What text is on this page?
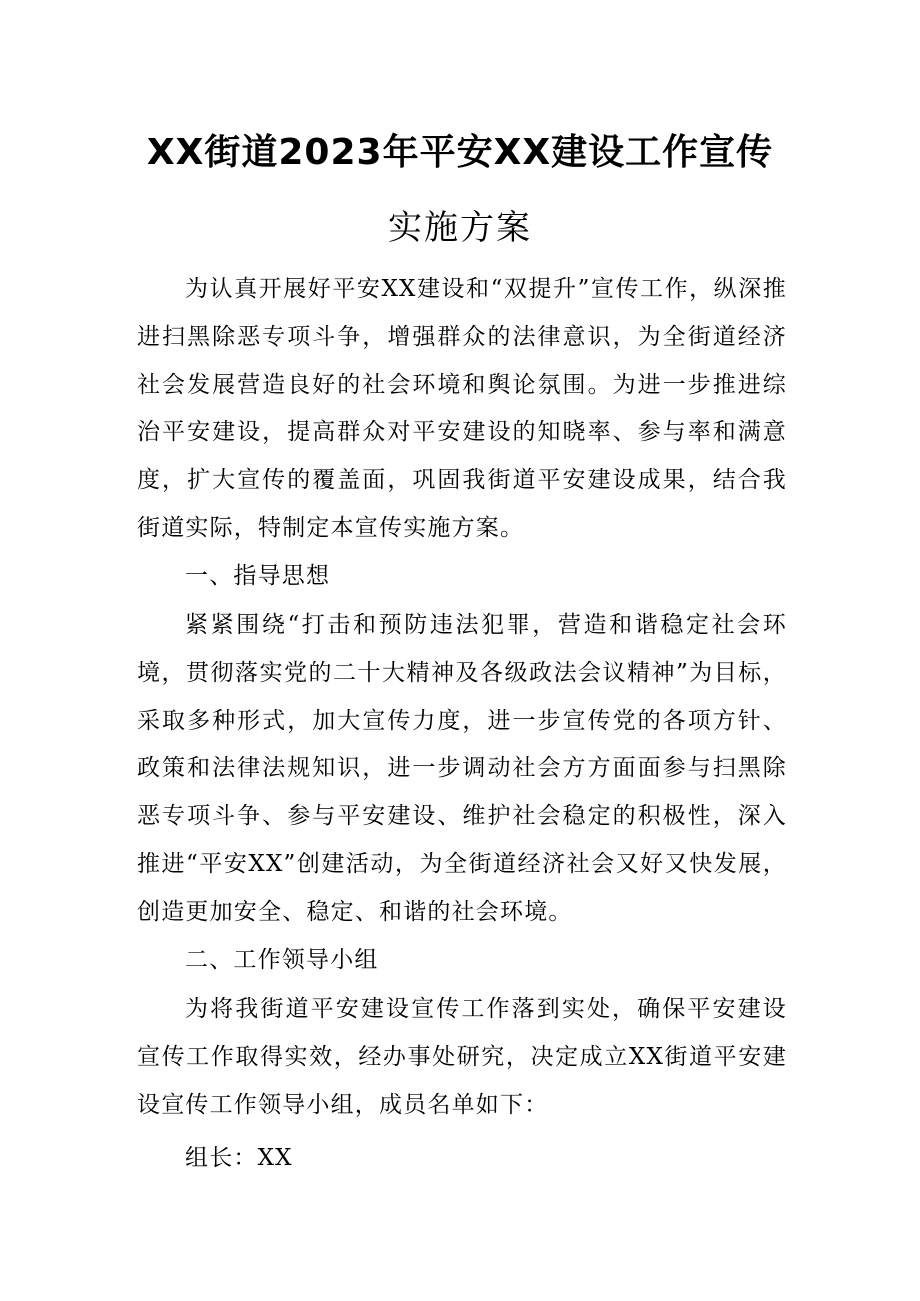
XX街道2023年平安XX建设工作宣传
实施方案

为认真开展好平安XX建设和“双提升”宣传工作，纵深推进扫黑除恶专项斗争，增强群众的法律意识，为全街道经济社会发展营造良好的社会环境和舆论氛围。为进一步推进综治平安建设，提高群众对平安建设的知晓率、参与率和满意度，扩大宣传的覆盖面，巩固我街道平安建设成果，结合我街道实际，特制定本宣传实施方案。

一、指导思想

紧紧围绕“打击和预防违法犯罪，营造和谐稳定社会环境，贯彻落实党的二十大精神及各级政法会议精神”为目标，采取多种形式，加大宣传力度，进一步宣传党的各项方针、政策和法律法规知识，进一步调动社会方方面面参与扫黑除恶专项斗争、参与平安建设、维护社会稳定的积极性，深入推进“平安XX”创建活动，为全街道经济社会又好又快发展，创造更加安全、稳定、和谐的社会环境。

二、工作领导小组

为将我街道平安建设宣传工作落到实处，确保平安建设宣传工作取得实效，经办事处研究，决定成立XX街道平安建设宣传工作领导小组，成员名单如下：

组长：XX
